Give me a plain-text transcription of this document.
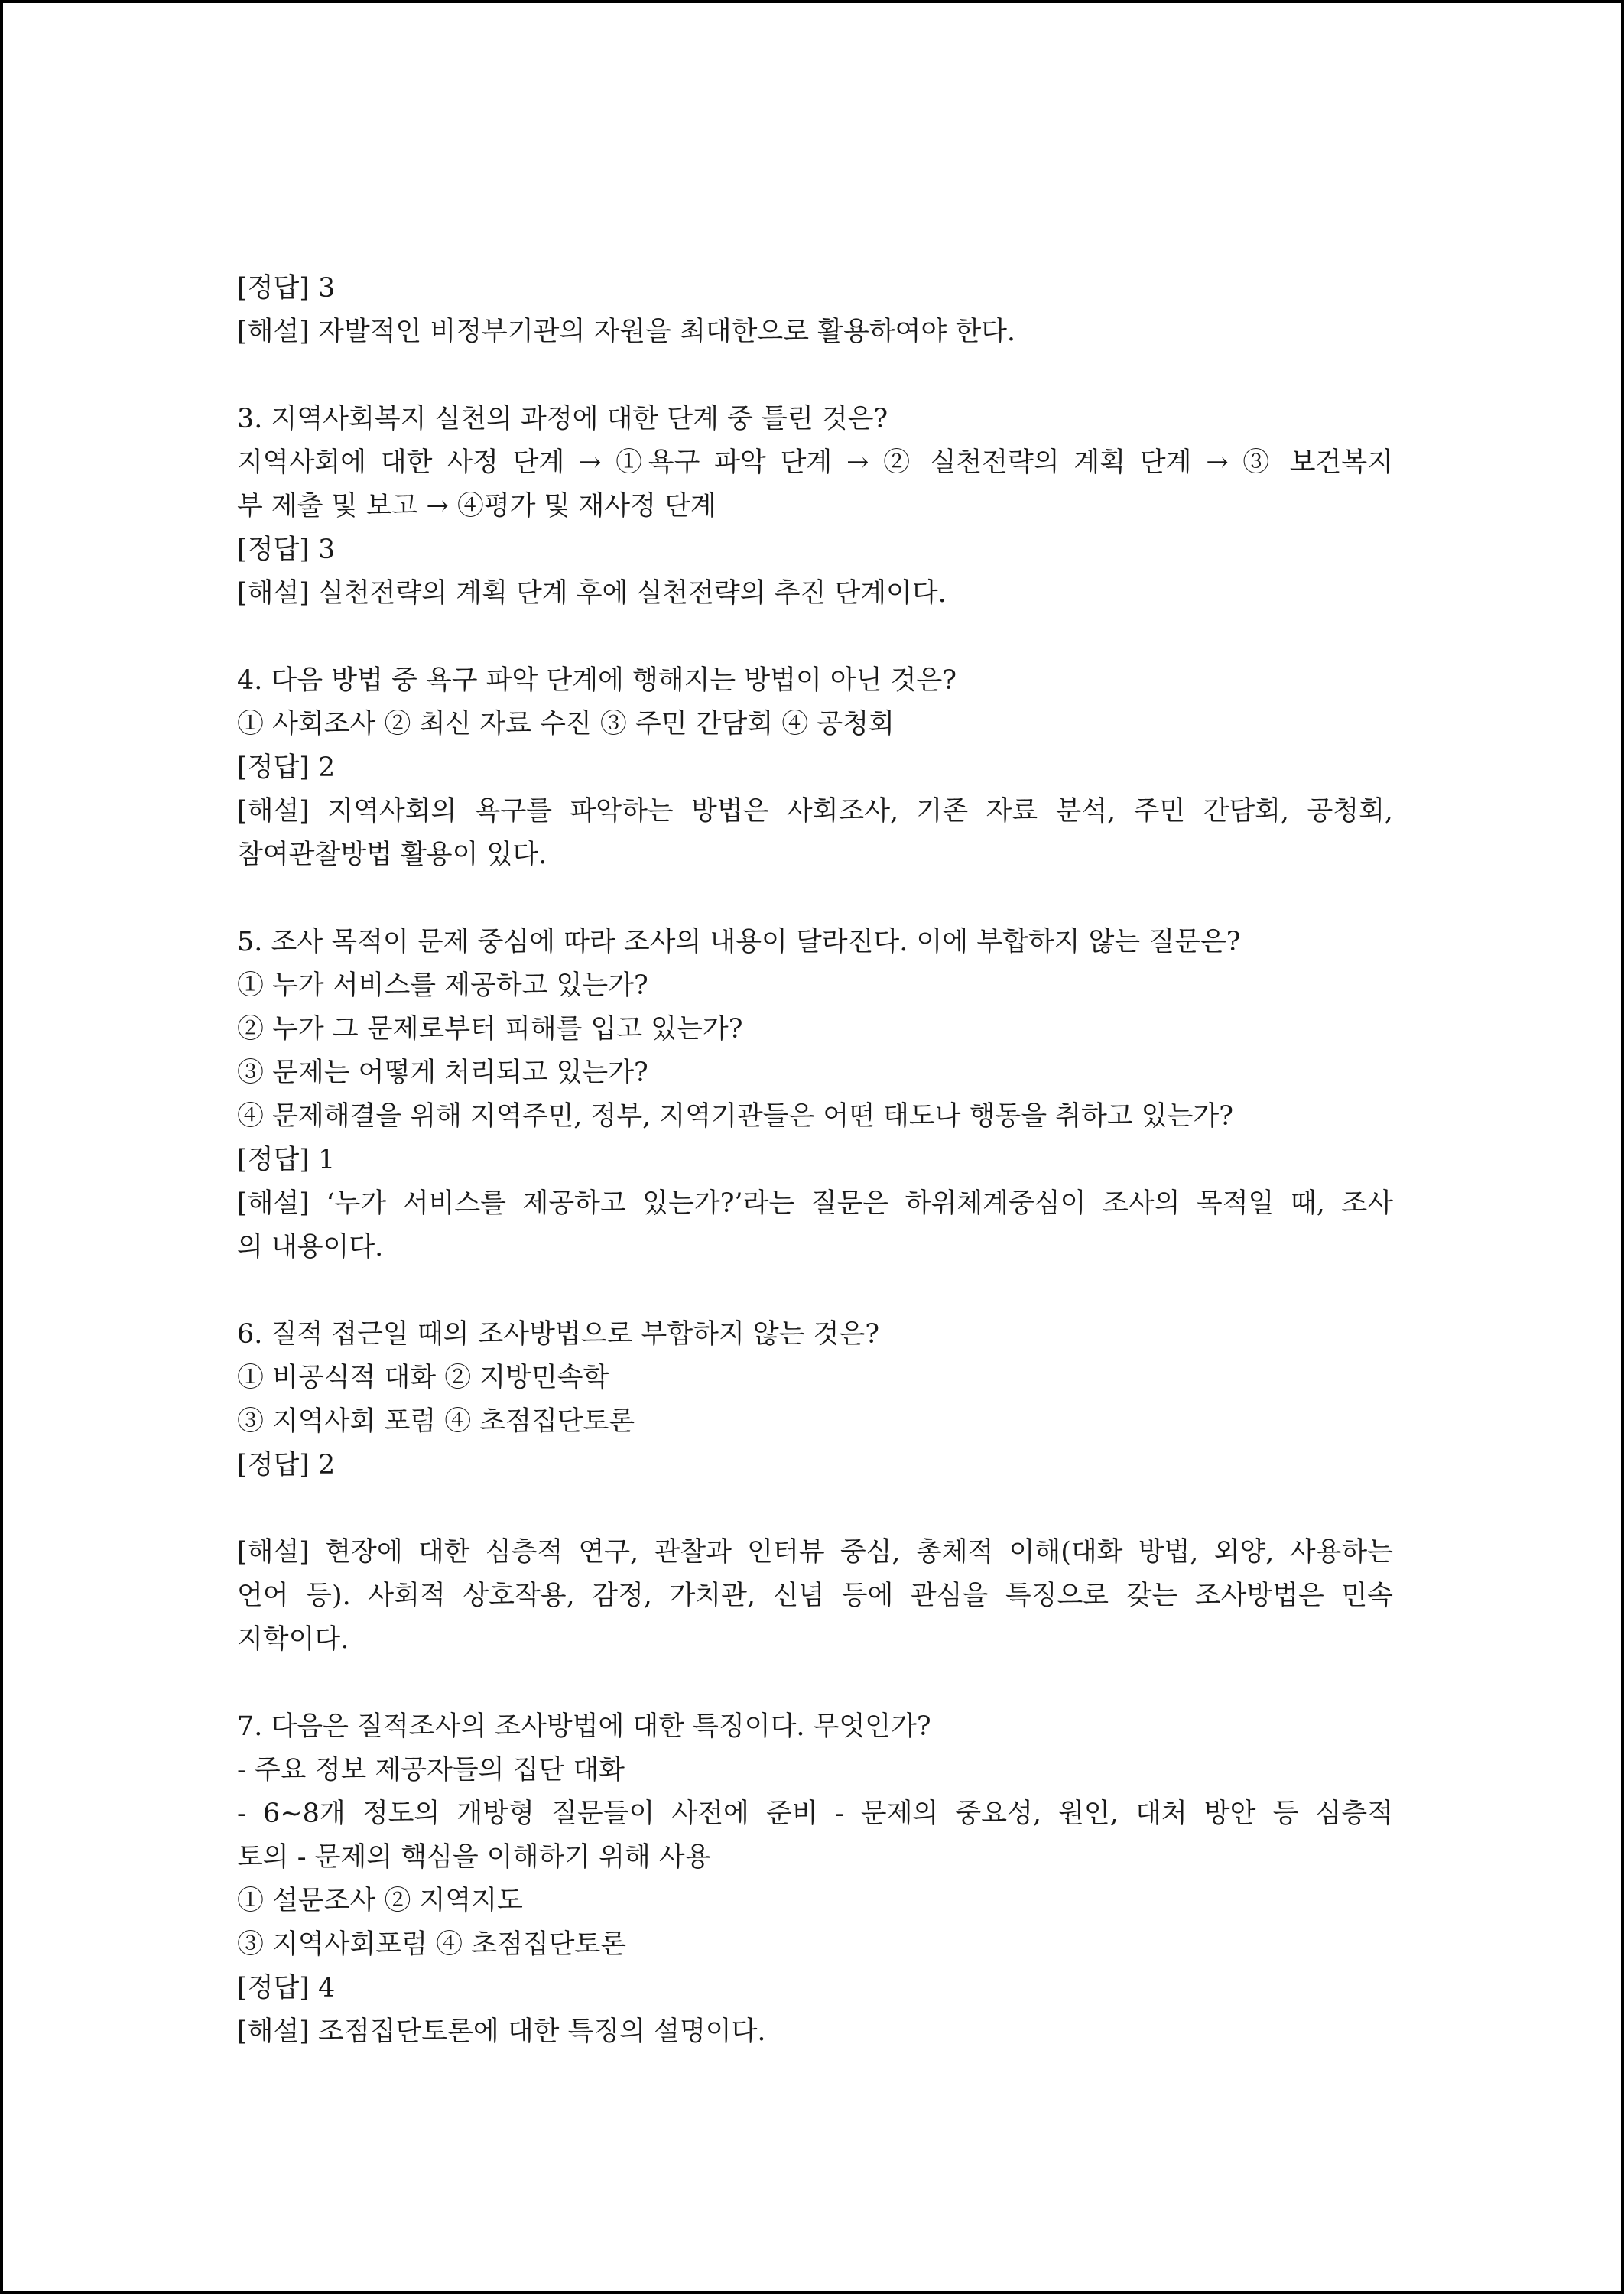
[정답] 3
[해설] 자발적인 비정부기관의 자원을 최대한으로 활용하여야 한다.
3. 지역사회복지 실천의 과정에 대한 단계 중 틀린 것은?
지역사회에 대한 사정 단계 → ①욕구 파악 단계 → ② 실천전략의 계획 단계 → ③ 보건복지
부 제출 및 보고 → ④평가 및 재사정 단계
[정답] 3
[해설] 실천전략의 계획 단계 후에 실천전략의 추진 단계이다.
4. 다음 방법 중 욕구 파악 단계에 행해지는 방법이 아닌 것은?
① 사회조사 ② 최신 자료 수진 ③ 주민 간담회 ④ 공청회
[정답] 2
[해설] 지역사회의 욕구를 파악하는 방법은 사회조사, 기존 자료 분석, 주민 간담회, 공청회,
참여관찰방법 활용이 있다.
5. 조사 목적이 문제 중심에 따라 조사의 내용이 달라진다. 이에 부합하지 않는 질문은?
① 누가 서비스를 제공하고 있는가?
② 누가 그 문제로부터 피해를 입고 있는가?
③ 문제는 어떻게 처리되고 있는가?
④ 문제해결을 위해 지역주민, 정부, 지역기관들은 어떤 태도나 행동을 취하고 있는가?
[정답] 1
[해설] ‘누가 서비스를 제공하고 있는가?’라는 질문은 하위체계중심이 조사의 목적일 때, 조사
의 내용이다.
6. 질적 접근일 때의 조사방법으로 부합하지 않는 것은?
① 비공식적 대화 ② 지방민속학
③ 지역사회 포럼 ④ 초점집단토론
[정답] 2
[해설] 현장에 대한 심층적 연구, 관찰과 인터뷰 중심, 총체적 이해(대화 방법, 외양, 사용하는
언어 등). 사회적 상호작용, 감정, 가치관, 신념 등에 관심을 특징으로 갖는 조사방법은 민속
지학이다.
7. 다음은 질적조사의 조사방법에 대한 특징이다. 무엇인가?
- 주요 정보 제공자들의 집단 대화
- 6~8개 정도의 개방형 질문들이 사전에 준비 - 문제의 중요성, 원인, 대처 방안 등 심층적
토의 - 문제의 핵심을 이해하기 위해 사용
① 설문조사 ② 지역지도
③ 지역사회포럼 ④ 초점집단토론
[정답] 4
[해설] 조점집단토론에 대한 특징의 설명이다.
